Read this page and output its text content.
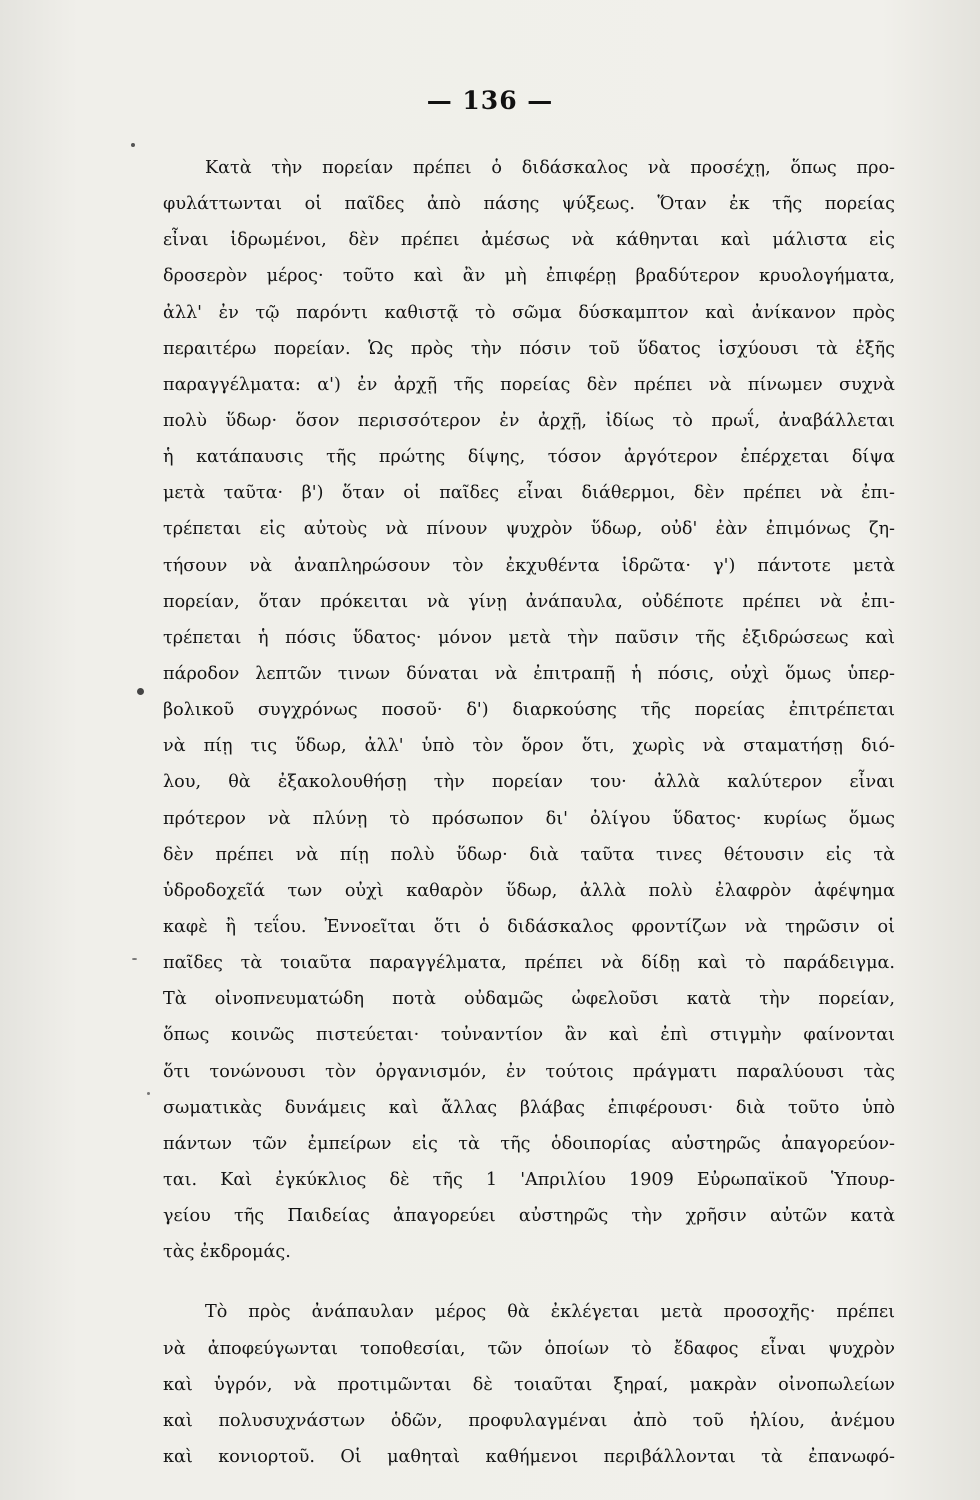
— 136 —
Κατὰ τὴν πορείαν πρέπει ὁ διδάσκαλος νὰ προσέχῃ, ὅπως προ-
φυλάττωνται οἱ παῖδες ἀπὸ πάσης ψύξεως. Ὅταν ἐκ τῆς πορείας
εἶναι ἱδρωμένοι, δὲν πρέπει ἀμέσως νὰ κάθηνται καὶ μάλιστα εἰς
δροσερὸν μέρος· τοῦτο καὶ ἂν μὴ ἐπιφέρῃ βραδύτερον κρυολογήματα,
ἀλλ' ἐν τῷ παρόντι καθιστᾷ τὸ σῶμα δύσκαμπτον καὶ ἀνίκανον πρὸς
περαιτέρω πορείαν. Ὡς πρὸς τὴν πόσιν τοῦ ὕδατος ἰσχύουσι τὰ ἑξῆς
παραγγέλματα: α') ἐν ἀρχῇ τῆς πορείας δὲν πρέπει νὰ πίνωμεν συχνὰ
πολὺ ὕδωρ· ὅσον περισσότερον ἐν ἀρχῇ, ἰδίως τὸ πρωΐ, ἀναβάλλεται
ἡ κατάπαυσις τῆς πρώτης δίψης, τόσον ἀργότερον ἐπέρχεται δίψα
μετὰ ταῦτα· β') ὅταν οἱ παῖδες εἶναι διάθερμοι, δὲν πρέπει νὰ ἐπι-
τρέπεται εἰς αὐτοὺς νὰ πίνουν ψυχρὸν ὕδωρ, οὐδ' ἐὰν ἐπιμόνως ζη-
τήσουν νὰ ἀναπληρώσουν τὸν ἐκχυθέντα ἱδρῶτα· γ') πάντοτε μετὰ
πορείαν, ὅταν πρόκειται νὰ γίνῃ ἀνάπαυλα, οὐδέποτε πρέπει νὰ ἐπι-
τρέπεται ἡ πόσις ὕδατος· μόνον μετὰ τὴν παῦσιν τῆς ἐξιδρώσεως καὶ
πάροδον λεπτῶν τινων δύναται νὰ ἐπιτραπῇ ἡ πόσις, οὐχὶ ὅμως ὑπερ-
βολικοῦ συγχρόνως ποσοῦ· δ') διαρκούσης τῆς πορείας ἐπιτρέπεται
νὰ πίῃ τις ὕδωρ, ἀλλ' ὑπὸ τὸν ὅρον ὅτι, χωρὶς νὰ σταματήσῃ διό-
λου, θὰ ἐξακολουθήσῃ τὴν πορείαν του· ἀλλὰ καλύτερον εἶναι
πρότερον νὰ πλύνῃ τὸ πρόσωπον δι' ὀλίγου ὕδατος· κυρίως ὅμως
δὲν πρέπει νὰ πίῃ πολὺ ὕδωρ· διὰ ταῦτα τινες θέτουσιν εἰς τὰ
ὑδροδοχεῖά των οὐχὶ καθαρὸν ὕδωρ, ἀλλὰ πολὺ ἐλαφρὸν ἀφέψημα
καφὲ ἢ τεΐου. Ἐννοεῖται ὅτι ὁ διδάσκαλος φροντίζων νὰ τηρῶσιν οἱ
παῖδες τὰ τοιαῦτα παραγγέλματα, πρέπει νὰ δίδῃ καὶ τὸ παράδειγμα.
Τὰ οἰνοπνευματώδη ποτὰ οὐδαμῶς ὠφελοῦσι κατὰ τὴν πορείαν,
ὅπως κοινῶς πιστεύεται· τοὐναντίον ἂν καὶ ἐπὶ στιγμὴν φαίνονται
ὅτι τονώνουσι τὸν ὀργανισμόν, ἐν τούτοις πράγματι παραλύουσι τὰς
σωματικὰς δυνάμεις καὶ ἄλλας βλάβας ἐπιφέρουσι· διὰ τοῦτο ὑπὸ
πάντων τῶν ἐμπείρων εἰς τὰ τῆς ὁδοιπορίας αὐστηρῶς ἀπαγορεύον-
ται. Καὶ ἐγκύκλιος δὲ τῆς 1 'Απριλίου 1909 Εὐρωπαϊκοῦ Ὑπουρ-
γείου τῆς Παιδείας ἀπαγορεύει αὐστηρῶς τὴν χρῆσιν αὐτῶν κατὰ
τὰς ἐκδρομάς.
Τὸ πρὸς ἀνάπαυλαν μέρος θὰ ἐκλέγεται μετὰ προσοχῆς· πρέπει
νὰ ἀποφεύγωνται τοποθεσίαι, τῶν ὁποίων τὸ ἔδαφος εἶναι ψυχρὸν
καὶ ὑγρόν, νὰ προτιμῶνται δὲ τοιαῦται ξηραί, μακρὰν οἰνοπωλείων
καὶ πολυσυχνάστων ὁδῶν, προφυλαγμέναι ἀπὸ τοῦ ἡλίου, ἀνέμου
καὶ κονιορτοῦ. Οἱ μαθηταὶ καθήμενοι περιβάλλονται τὰ ἐπανωφό-
